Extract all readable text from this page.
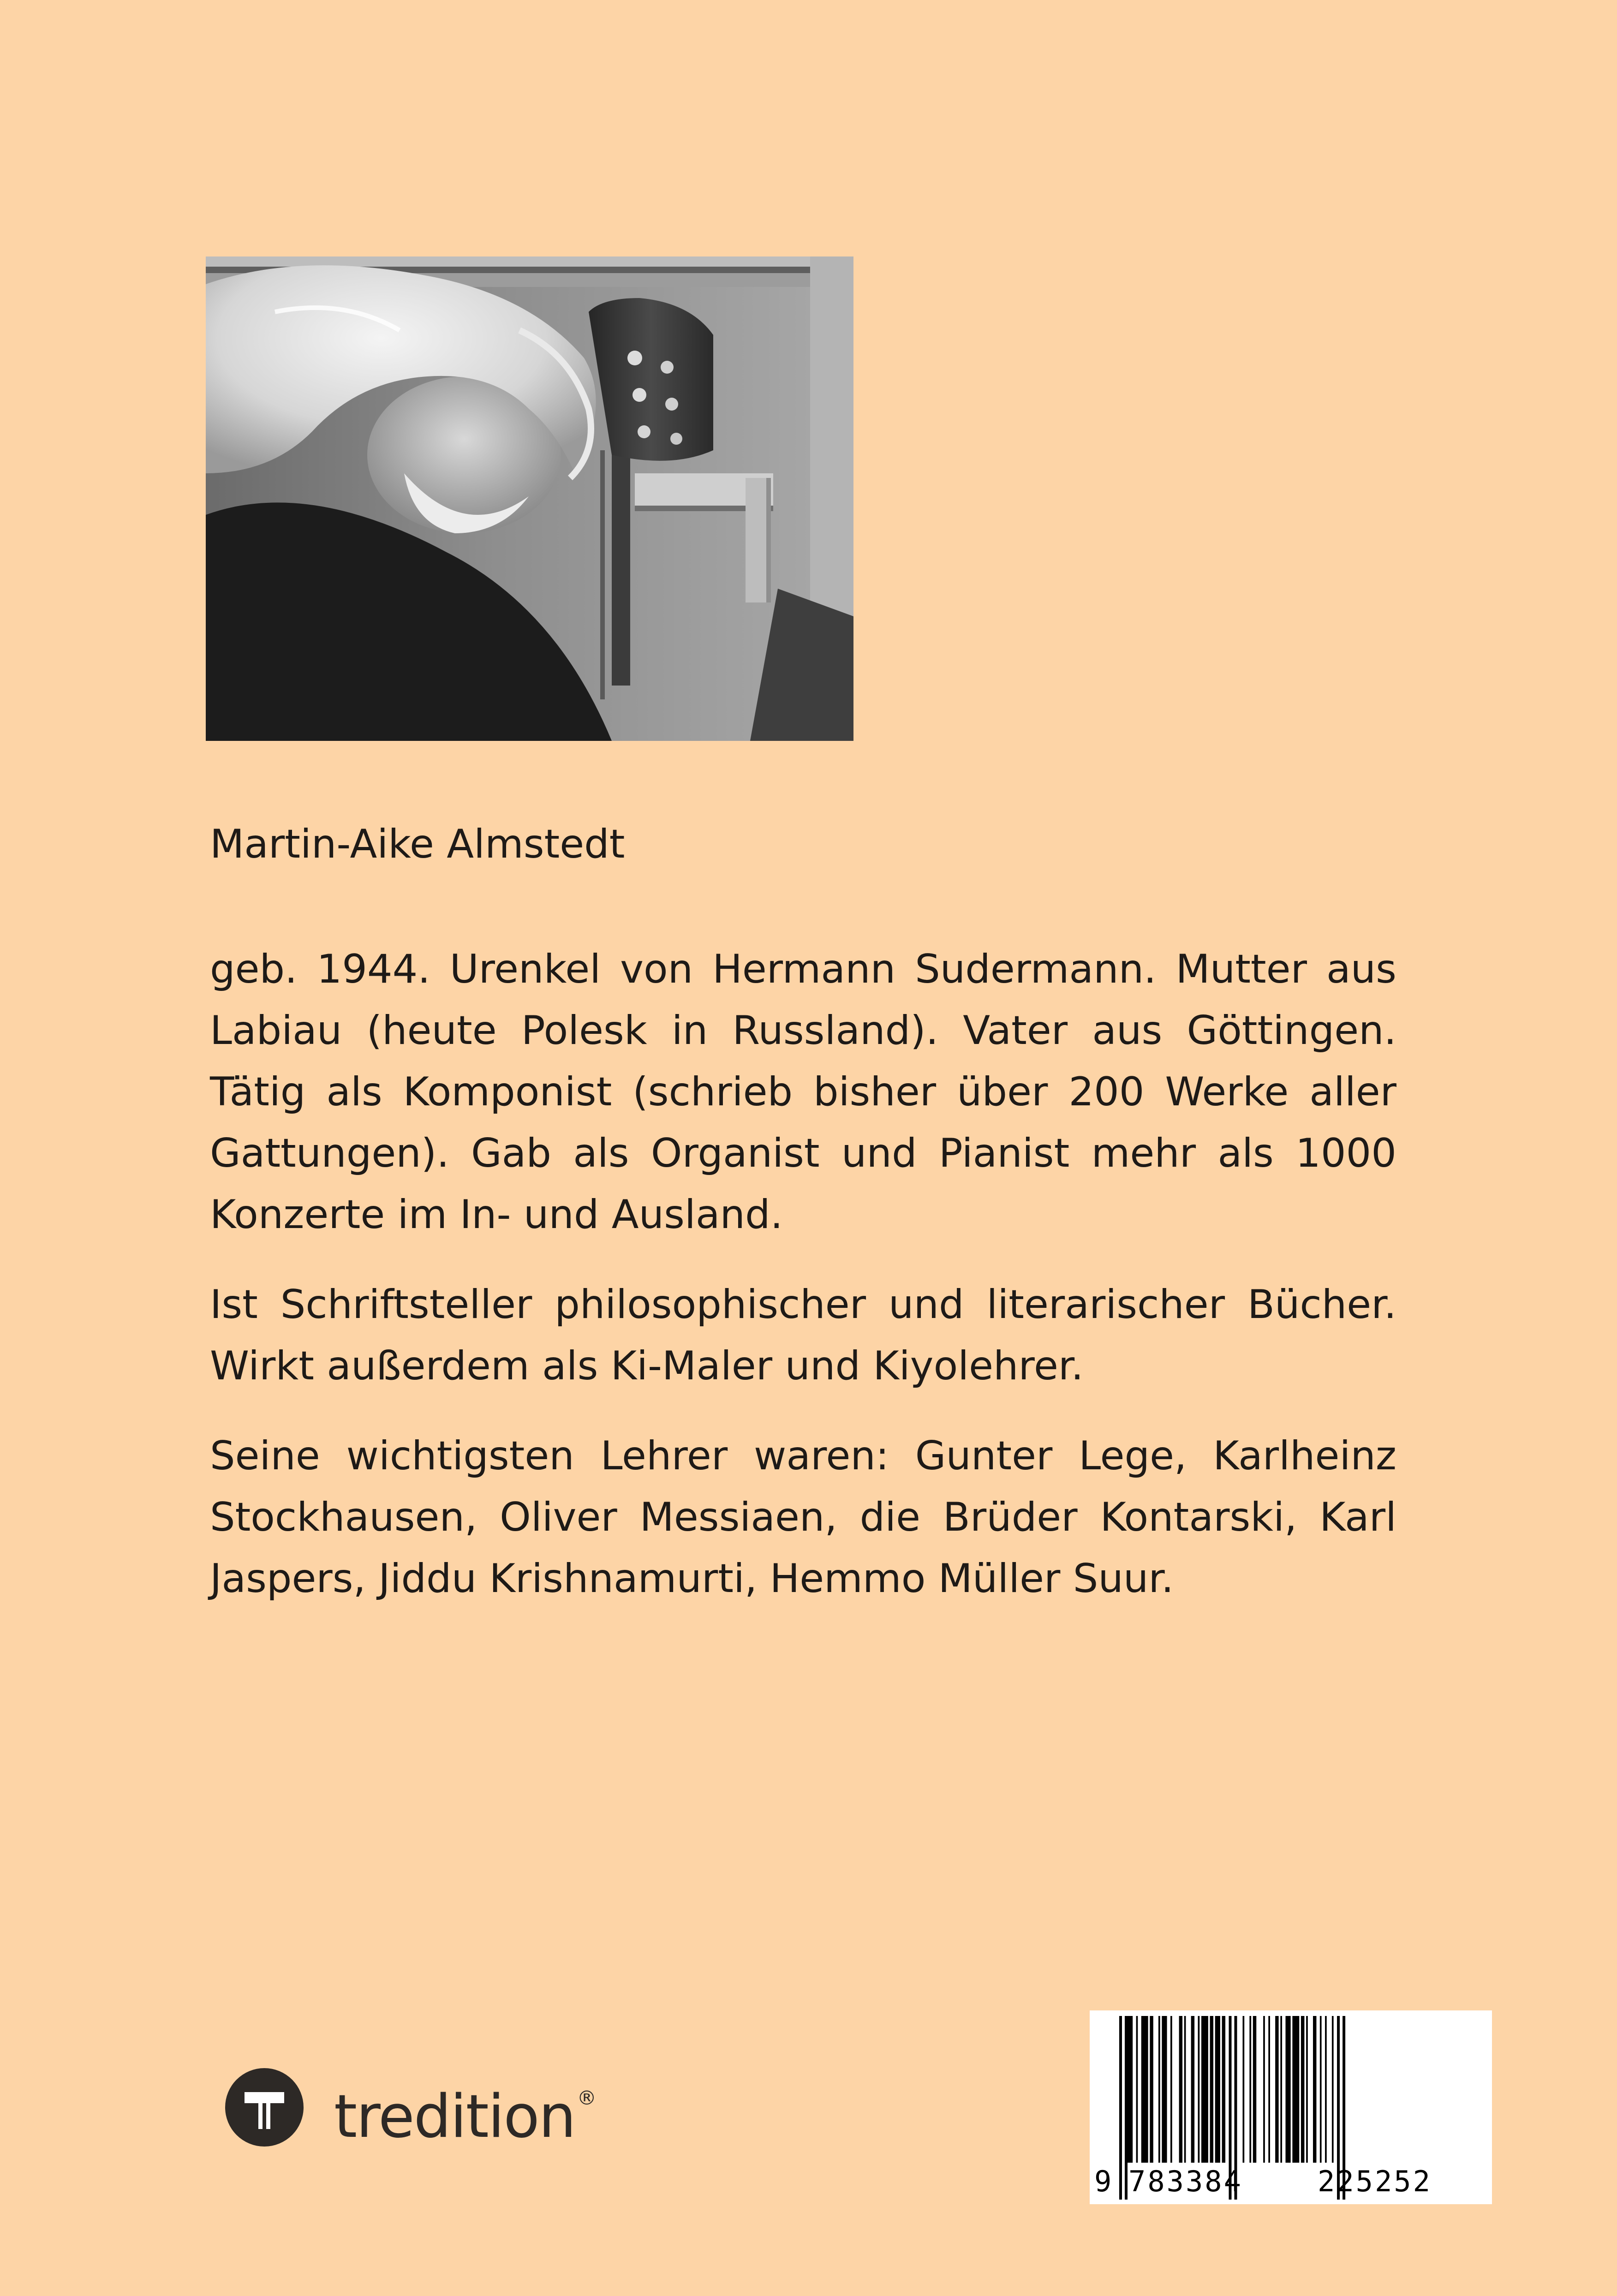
Martin-Aike Almstedt

geb. 1944. Urenkel von Hermann Sudermann. Mutter aus Labiau (heute Polesk in Russland). Vater aus Göttingen. Tätig als Komponist (schrieb bisher über 200 Werke aller Gattungen). Gab als Organist und Pianist mehr als 1000 Konzerte im In- und Ausland.

Ist Schriftsteller philosophischer und literarischer Bücher. Wirkt außerdem als Ki-Maler und Kiyolehrer.

Seine wichtigsten Lehrer waren: Gunter Lege, Karlheinz Stockhausen, Oliver Messiaen, die Brüder Kontarski, Karl Jaspers, Jiddu Krishnamurti, Hemmo Müller Suur.

tredition®
9 783384	225252
